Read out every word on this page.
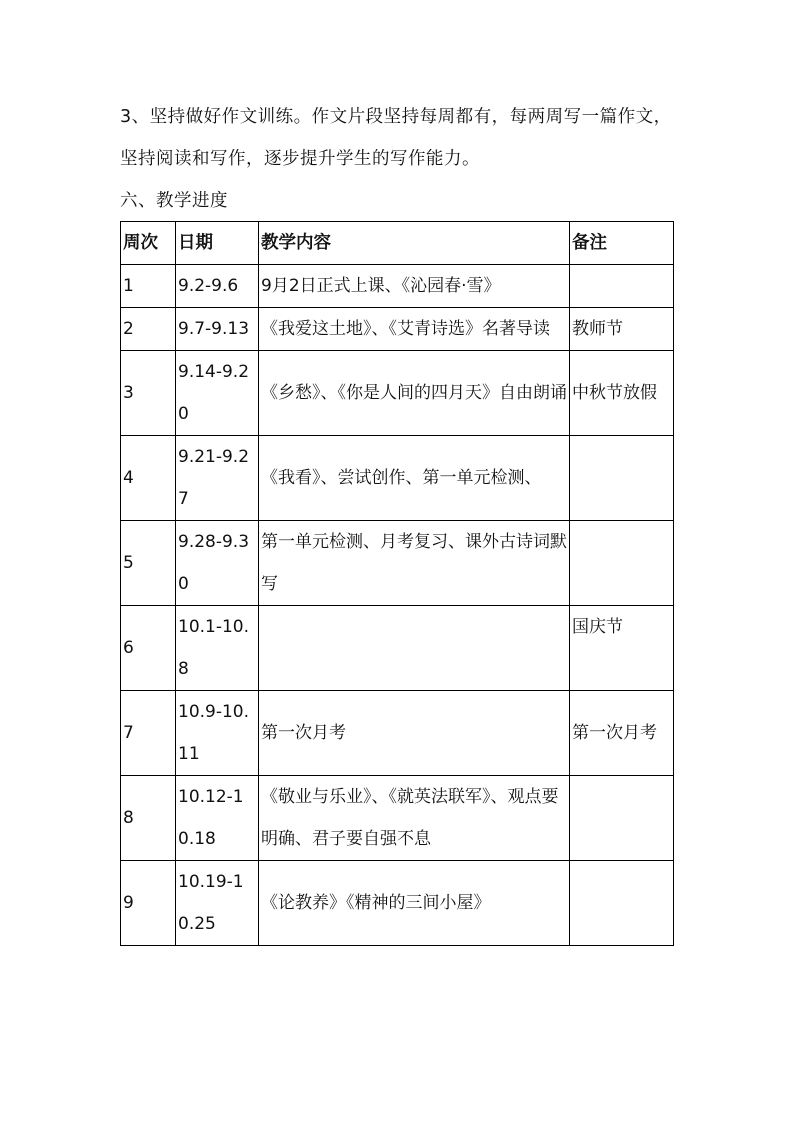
3、坚持做好作文训练。作文片段坚持每周都有，每两周写一篇作文，坚持阅读和写作，逐步提升学生的写作能力。
六、教学进度
周次	日期	教学内容	备注
1	9.2-9.6	9月2日正式上课、《沁园春·雪》	
2	9.7-9.13	《我爱这土地》、《艾青诗选》名著导读	教师节
3	9.14-9.20	《乡愁》、《你是人间的四月天》自由朗诵	中秋节放假
4	9.21-9.27	《我看》、尝试创作、第一单元检测、	
5	9.28-9.30	第一单元检测、月考复习、课外古诗词默写	
6	10.1-10.8		国庆节
7	10.9-10.11	第一次月考	第一次月考
8	10.12-10.18	《敬业与乐业》、《就英法联军》、观点要明确、君子要自强不息	
9	10.19-10.25	《论教养》《精神的三间小屋》	
